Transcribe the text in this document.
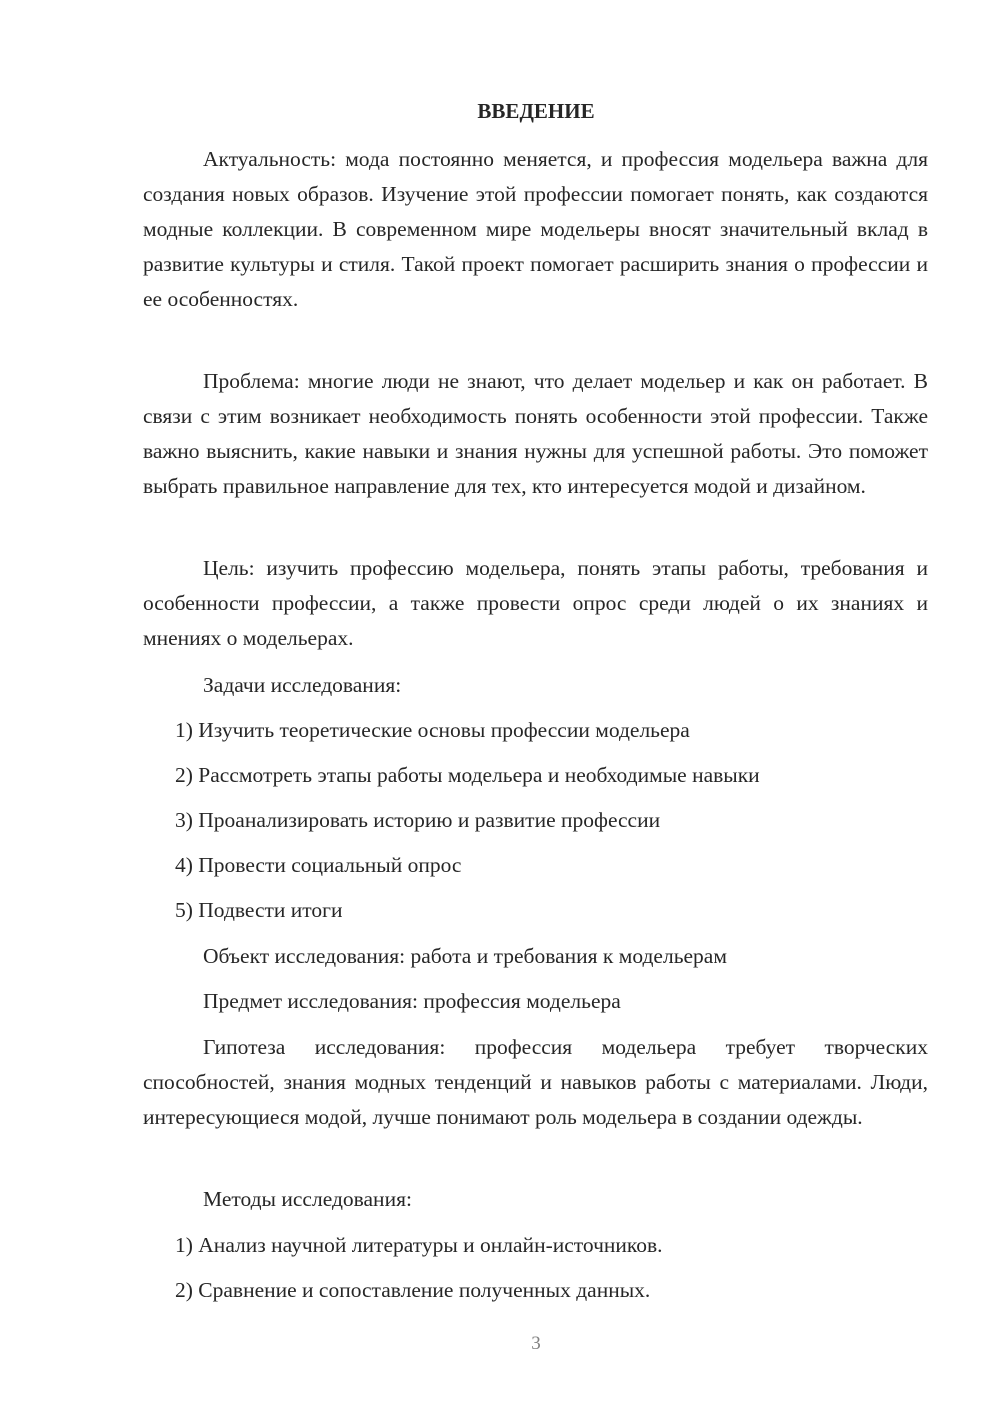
ВВЕДЕНИЕ

Актуальность: мода постоянно меняется, и профессия модельера важна для создания новых образов. Изучение этой профессии помогает понять, как создаются модные коллекции. В современном мире модельеры вносят значительный вклад в развитие культуры и стиля. Такой проект помогает расширить знания о профессии и ее особенностях.

Проблема: многие люди не знают, что делает модельер и как он работает. В связи с этим возникает необходимость понять особенности этой профессии. Также важно выяснить, какие навыки и знания нужны для успешной работы. Это поможет выбрать правильное направление для тех, кто интересуется модой и дизайном.

Цель: изучить профессию модельера, понять этапы работы, требования и особенности профессии, а также провести опрос среди людей о их знаниях и мнениях о модельерах.

Задачи исследования:

1) Изучить теоретические основы профессии модельера

2) Рассмотреть этапы работы модельера и необходимые навыки

3) Проанализировать историю и развитие профессии

4) Провести социальный опрос

5) Подвести итоги

Объект исследования: работа и требования к модельерам

Предмет исследования: профессия модельера

Гипотеза исследования: профессия модельера требует творческих способностей, знания модных тенденций и навыков работы с материалами. Люди, интересующиеся модой, лучше понимают роль модельера в создании одежды.

Методы исследования:

1) Анализ научной литературы и онлайн-источников.

2) Сравнение и сопоставление полученных данных.

3
